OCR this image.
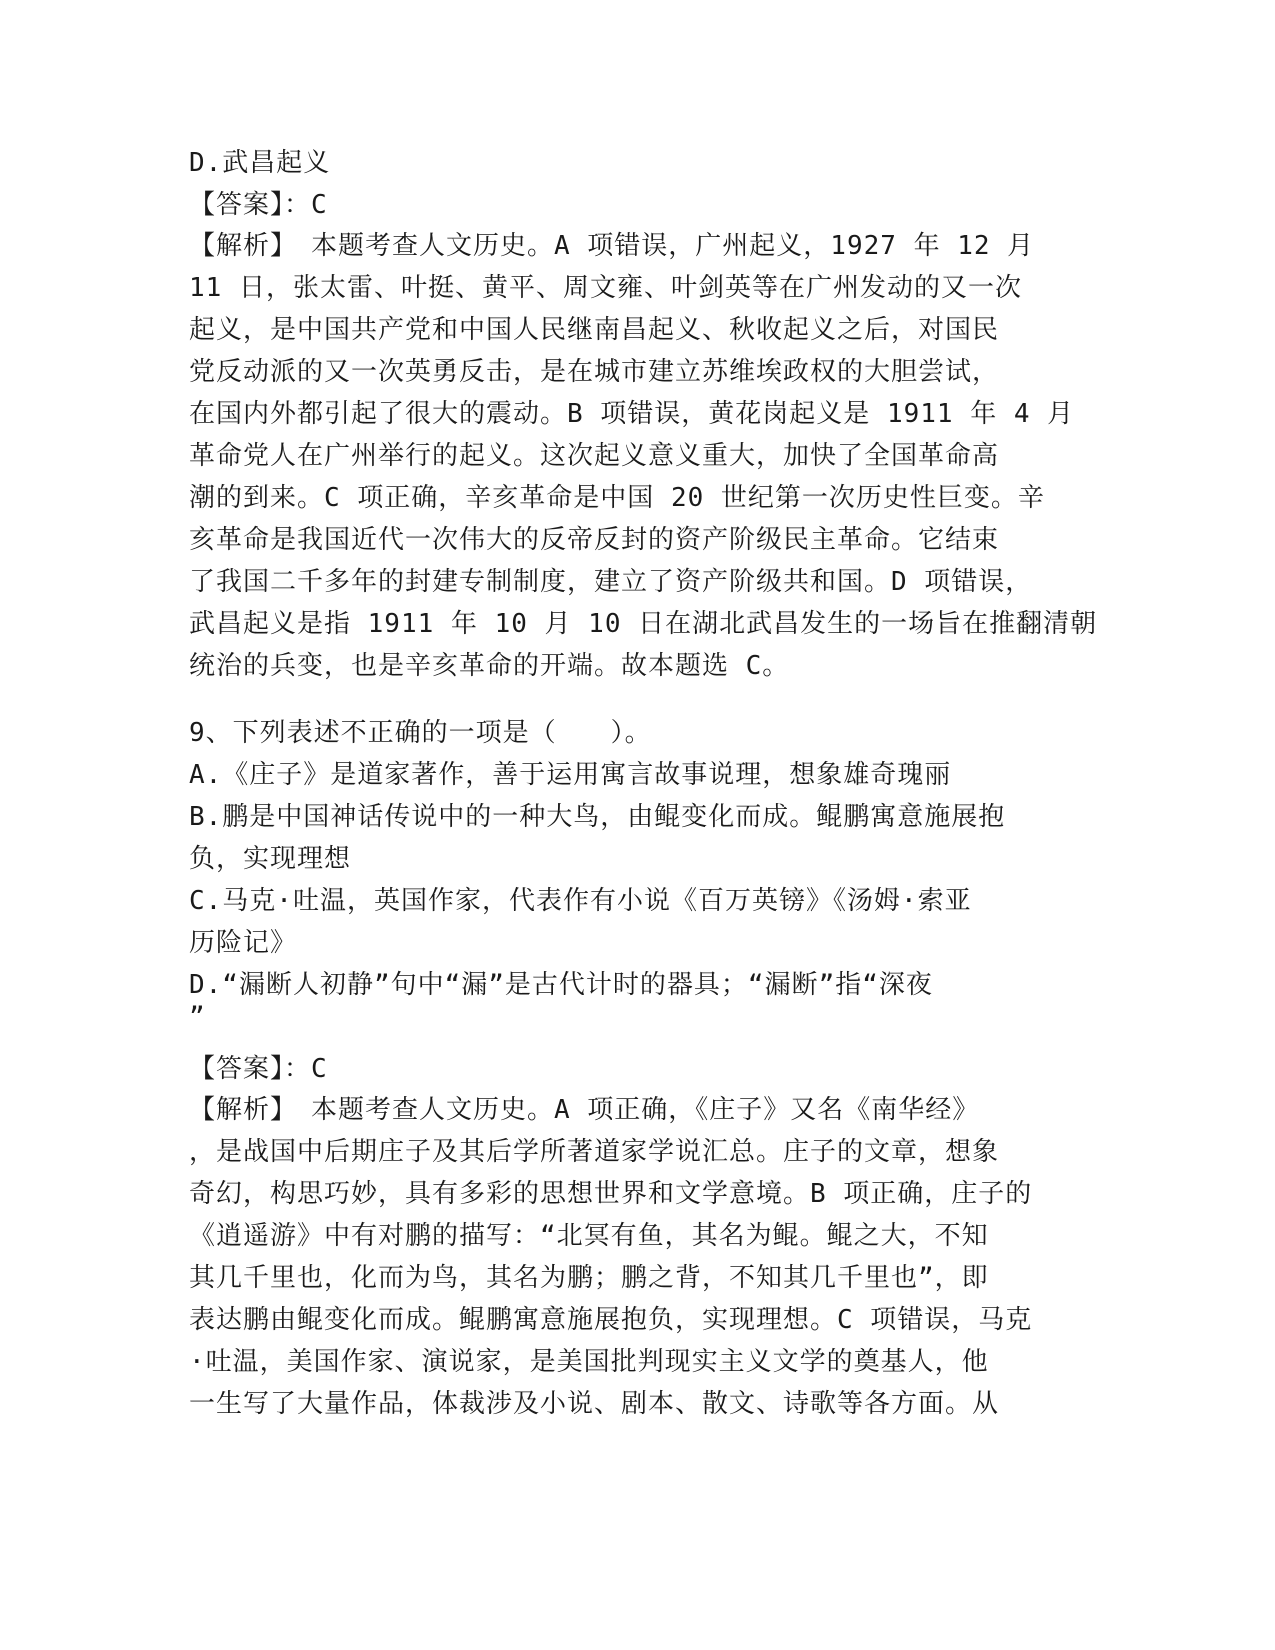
D.武昌起义
【答案】：C
【解析】　本题考查人文历史。A 项错误，广州起义，1927 年 12 月
11 日，张太雷、叶挺、黄平、周文雍、叶剑英等在广州发动的又一次
起义，是中国共产党和中国人民继南昌起义、秋收起义之后，对国民
党反动派的又一次英勇反击，是在城市建立苏维埃政权的大胆尝试，
在国内外都引起了很大的震动。B 项错误，黄花岗起义是 1911 年 4 月
革命党人在广州举行的起义。这次起义意义重大，加快了全国革命高
潮的到来。C 项正确，辛亥革命是中国 20 世纪第一次历史性巨变。辛
亥革命是我国近代一次伟大的反帝反封的资产阶级民主革命。它结束
了我国二千多年的封建专制制度，建立了资产阶级共和国。D 项错误，
武昌起义是指 1911 年 10 月 10 日在湖北武昌发生的一场旨在推翻清朝
统治的兵变，也是辛亥革命的开端。故本题选 C。
9、下列表述不正确的一项是（　　）。
A.《庄子》是道家著作，善于运用寓言故事说理，想象雄奇瑰丽
B.鹏是中国神话传说中的一种大鸟，由鲲变化而成。鲲鹏寓意施展抱
负，实现理想
C.马克·吐温，英国作家，代表作有小说《百万英镑》《汤姆·索亚
历险记》
D.“漏断人初静”句中“漏”是古代计时的器具；“漏断”指“深夜
”
【答案】：C
【解析】　本题考查人文历史。A 项正确，《庄子》又名《南华经》
，是战国中后期庄子及其后学所著道家学说汇总。庄子的文章，想象
奇幻，构思巧妙，具有多彩的思想世界和文学意境。B 项正确，庄子的
《逍遥游》中有对鹏的描写：“北冥有鱼，其名为鲲。鲲之大，不知
其几千里也，化而为鸟，其名为鹏；鹏之背，不知其几千里也”，即
表达鹏由鲲变化而成。鲲鹏寓意施展抱负，实现理想。C 项错误，马克
·吐温，美国作家、演说家，是美国批判现实主义文学的奠基人，他
一生写了大量作品，体裁涉及小说、剧本、散文、诗歌等各方面。从
